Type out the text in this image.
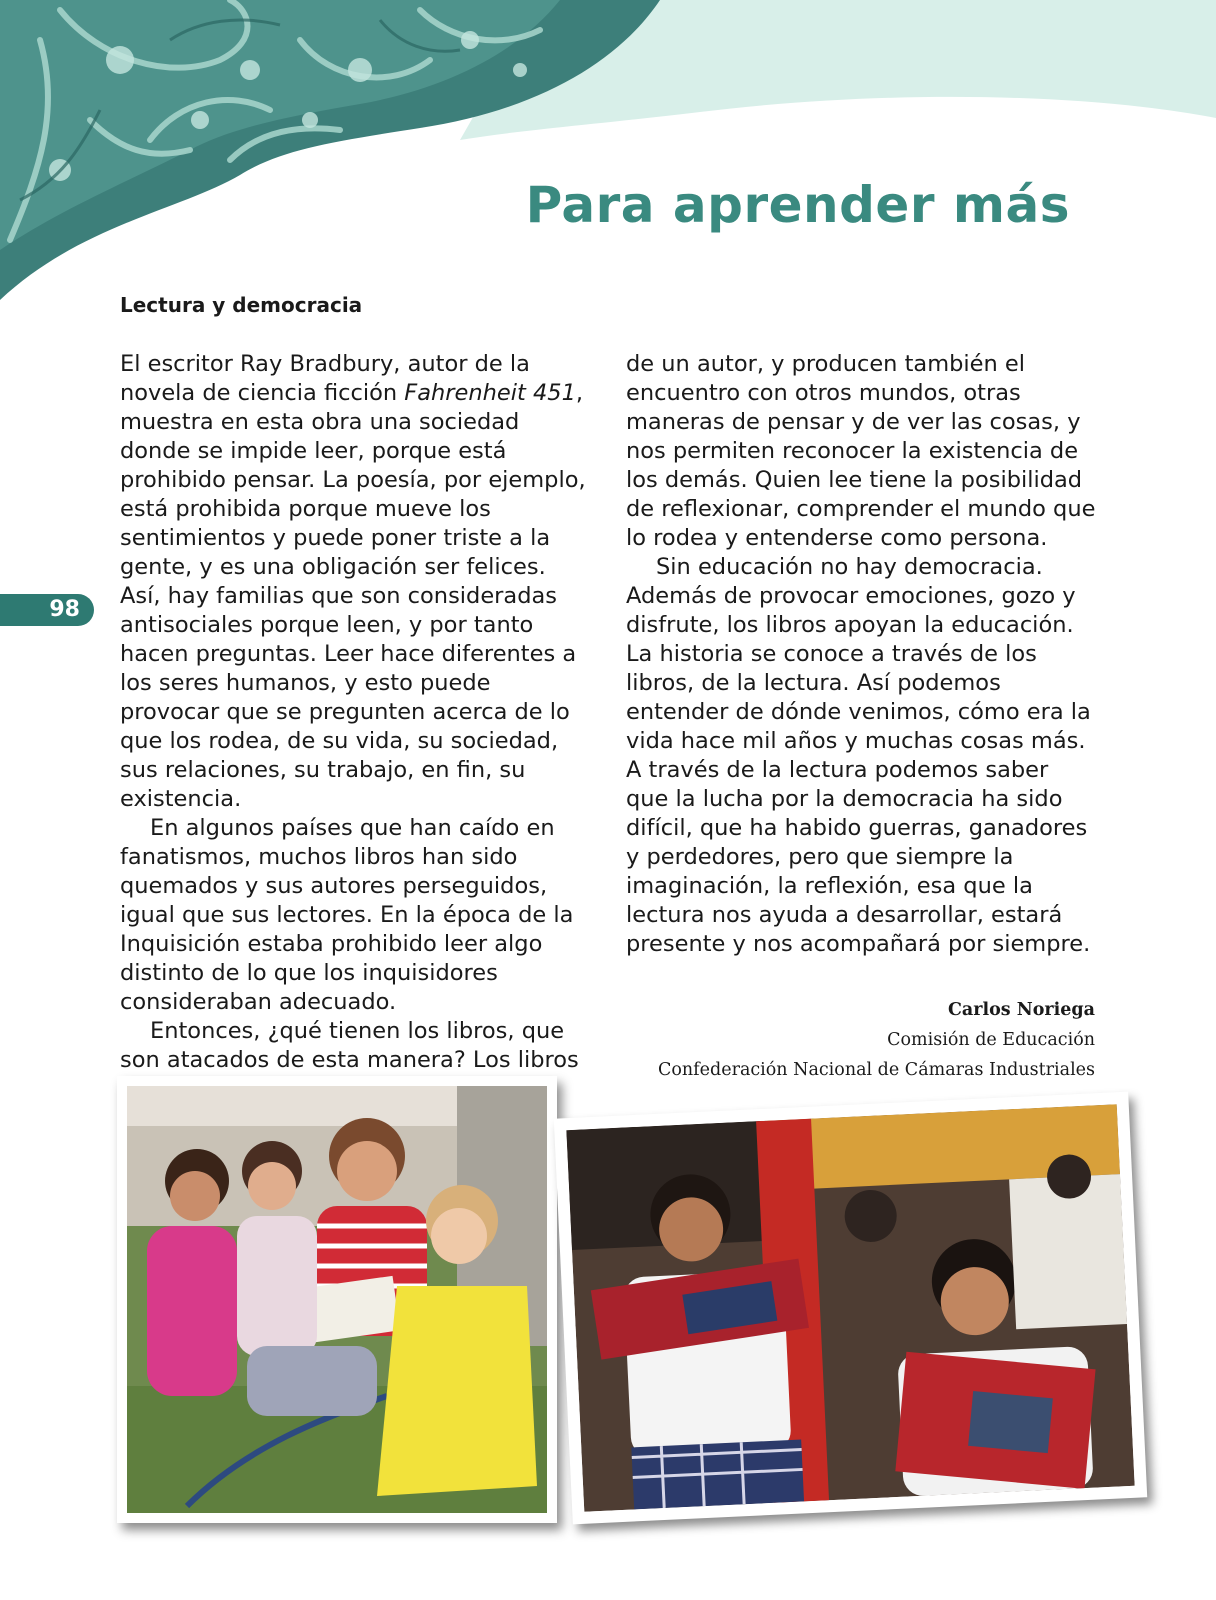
Para aprender más
Lectura y democracia
98

El escritor Ray Bradbury, autor de la novela de ciencia ficción Fahrenheit 451, muestra en esta obra una sociedad donde se impide leer, porque está prohibido pensar. La poesía, por ejemplo, está prohibida porque mueve los sentimientos y puede poner triste a la gente, y es una obligación ser felices. Así, hay familias que son consideradas antisociales porque leen, y por tanto hacen preguntas. Leer hace diferentes a los seres humanos, y esto puede provocar que se pregunten acerca de lo que los rodea, de su vida, su sociedad, sus relaciones, su trabajo, en fin, su existencia.

En algunos países que han caído en fanatismos, muchos libros han sido quemados y sus autores perseguidos, igual que sus lectores. En la época de la Inquisición estaba prohibido leer algo distinto de lo que los inquisidores consideraban adecuado.

Entonces, ¿qué tienen los libros, que son atacados de esta manera? Los libros

de un autor, y producen también el encuentro con otros mundos, otras maneras de pensar y de ver las cosas, y nos permiten reconocer la existencia de los demás. Quien lee tiene la posibilidad de reflexionar, comprender el mundo que lo rodea y entenderse como persona.

Sin educación no hay democracia. Además de provocar emociones, gozo y disfrute, los libros apoyan la educación. La historia se conoce a través de los libros, de la lectura. Así podemos entender de dónde venimos, cómo era la vida hace mil años y muchas cosas más. A través de la lectura podemos saber que la lucha por la democracia ha sido difícil, que ha habido guerras, ganadores y perdedores, pero que siempre la imaginación, la reflexión, esa que la lectura nos ayuda a desarrollar, estará presente y nos acompañará por siempre.

Carlos Noriega
Comisión de Educación
Confederación Nacional de Cámaras Industriales
